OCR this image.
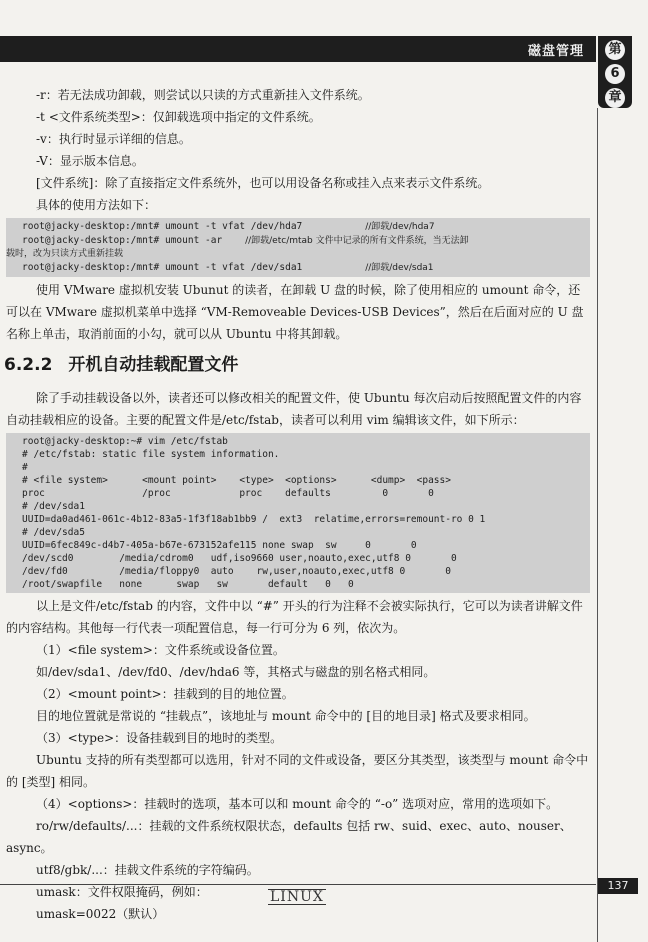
磁盘管理 第
6
章

-r：若无法成功卸载，则尝试以只读的方式重新挂入文件系统。

-t <文件系统类型>：仅卸载选项中指定的文件系统。

-v：执行时显示详细的信息。

-V：显示版本信息。

[文件系统]：除了直接指定文件系统外，也可以用设备名称或挂入点来表示文件系统。

具体的使用方法如下：

root@jacky-desktop:/mnt# umount -t vfat /dev/hda7	//卸载/dev/hda7
root@jacky-desktop:/mnt# umount -ar	//卸载/etc/mtab 文件中记录的所有文件系统，当无法卸

载时，改为只读方式重新挂载
root@jacky-desktop:/mnt# umount -t vfat /dev/sda1	//卸载/dev/sda1

使用 VMware 虚拟机安装 Ubunut 的读者，在卸载 U 盘的时候，除了使用相应的 umount 命令，还可以在 VMware 虚拟机菜单中选择 “VM-Removeable Devices-USB Devices”，然后在后面对应的 U 盘名称上单击，取消前面的小勾，就可以从 Ubuntu 中将其卸载。

6.2.2 开机自动挂载配置文件

除了手动挂载设备以外，读者还可以修改相关的配置文件，使 Ubuntu 每次启动后按照配置文件的内容自动挂载相应的设备。主要的配置文件是/etc/fstab，读者可以利用 vim 编辑该文件，如下所示：

root@jacky-desktop:~# vim /etc/fstab
# /etc/fstab: static file system information.
#
# <file system>      <mount point>    <type>  <options>      <dump>  <pass>
proc                 /proc            proc    defaults         0       0
# /dev/sda1
UUID=da0ad461-061c-4b12-83a5-1f3f18ab1bb9 /  ext3  relatime,errors=remount-ro 0 1
# /dev/sda5
UUID=6fec849c-d4b7-405a-b67e-673152afe115 none swap  sw     0       0
/dev/scd0        /media/cdrom0   udf,iso9660 user,noauto,exec,utf8 0       0
/dev/fd0         /media/floppy0  auto    rw,user,noauto,exec,utf8 0       0
/root/swapfile   none      swap   sw       default   0   0

以上是文件/etc/fstab 的内容，文件中以 “#” 开头的行为注释不会被实际执行，它可以为读者讲解文件的内容结构。其他每一行代表一项配置信息，每一行可分为 6 列，依次为。

（1）<file system>：文件系统或设备位置。

如/dev/sda1、/dev/fd0、/dev/hda6 等，其格式与磁盘的别名格式相同。

（2）<mount point>：挂载到的目的地位置。

目的地位置就是常说的 “挂载点”，该地址与 mount 命令中的 [目的地目录] 格式及要求相同。

（3）<type>：设备挂载到目的地时的类型。

Ubuntu 支持的所有类型都可以选用，针对不同的文件或设备，要区分其类型，该类型与 mount 命令中的 [类型] 相同。

（4）<options>：挂载时的选项，基本可以和 mount 命令的 “-o” 选项对应，常用的选项如下。

ro/rw/defaults/...：挂载的文件系统权限状态，defaults 包括 rw、suid、exec、auto、nouser、async。

utf8/gbk/...：挂载文件系统的字符编码。

umask：文件权限掩码，例如：

umask=0022（默认）

LINUX
137
